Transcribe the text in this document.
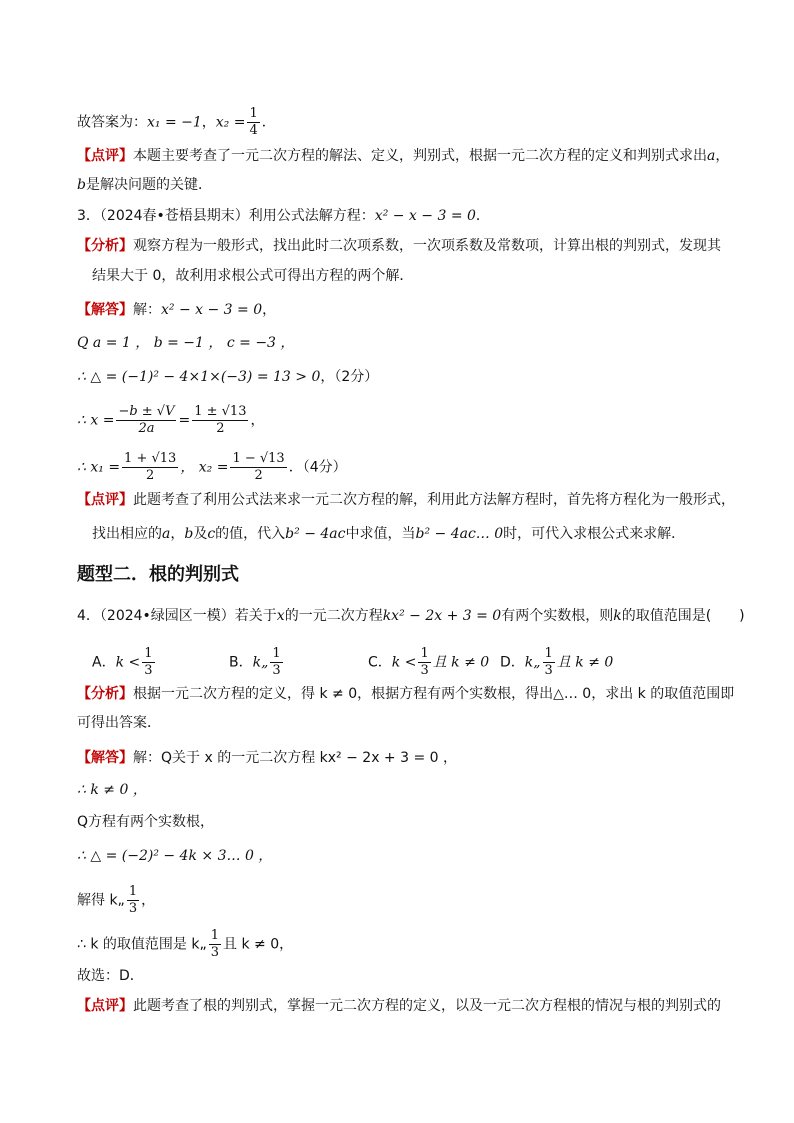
故答案为：x₁ = −1，$x_2 = \frac{1}{4}$ ．
【点评】本题主要考查了一元二次方程的解法、定义，判别式，根据一元二次方程的定义和判别式求出a，
b是解决问题的关键．
3．（2024春•苍梧县期末）利用公式法解方程：x² − x − 3 = 0．
【分析】观察方程为一般形式，找出此时二次项系数，一次项系数及常数项，计算出根的判别式，发现其
结果大于 0，故利用求根公式可得出方程的两个解．
【解答】解：x² − x − 3 = 0，
Q a = 1 ， b = −1 ， c = −3 ，
∴ △ = (−1)² − 4×1×(−3) = 13 > 0，（2分）
∴ $x = \frac{-b \pm √V}{2a} = \frac{1 \pm √13}{2}$ ，
∴ $x_1 = \frac{1 + √13}{2}$ ， $x_2 = \frac{1 - √13}{2}$ ．（4分）
【点评】此题考查了利用公式法来求一元二次方程的解，利用此方法解方程时，首先将方程化为一般形式，
找出相应的a，b及c的值，代入b² − 4ac中求值，当b² − 4ac… 0时，可代入求根公式来求解．
题型二．根的判别式
4．（2024•绿园区一模）若关于x的一元二次方程kx² − 2x + 3 = 0有两个实数根，则k的取值范围是(　　)
A．$k < \frac{1}{3}$	B．k„ $\frac{1}{3}$	C．$k < \frac{1}{3}$ 且 k ≠ 0 D．k„ $\frac{1}{3}$ 且 k ≠ 0
【分析】根据一元二次方程的定义，得 k ≠ 0，根据方程有两个实数根，得出△… 0，求出 k 的取值范围即
可得出答案．
【解答】解：Q关于 x 的一元二次方程 kx² − 2x + 3 = 0 ，
∴ k ≠ 0 ，
Q方程有两个实数根，
∴ △ = (−2)² − 4k × 3… 0 ，
解得 k„ $\frac{1}{3}$ ，
∴ k 的取值范围是 k„ $\frac{1}{3}$ 且 k ≠ 0，
故选：D．
【点评】此题考查了根的判别式，掌握一元二次方程的定义，以及一元二次方程根的情况与根的判别式的
